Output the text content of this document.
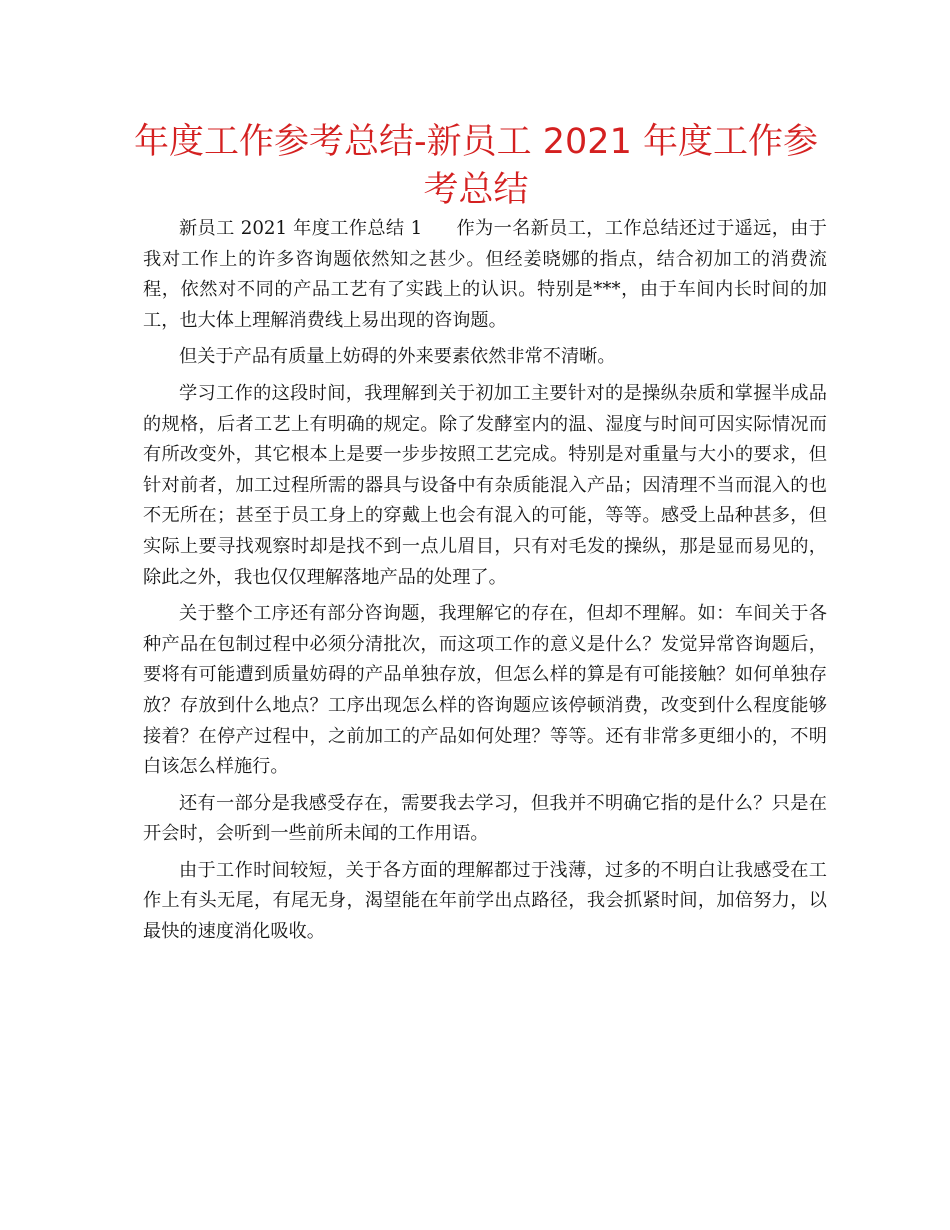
年度工作参考总结-新员工 2021 年度工作参考总结

新员工 2021 年度工作总结 1 作为一名新员工，工作总结还过于遥远，由于我对工作上的许多咨询题依然知之甚少。但经姜晓娜的指点，结合初加工的消费流程，依然对不同的产品工艺有了实践上的认识。特别是***，由于车间内长时间的加工，也大体上理解消费线上易出现的咨询题。

但关于产品有质量上妨碍的外来要素依然非常不清晰。

学习工作的这段时间，我理解到关于初加工主要针对的是操纵杂质和掌握半成品的规格，后者工艺上有明确的规定。除了发酵室内的温、湿度与时间可因实际情况而有所改变外，其它根本上是要一步步按照工艺完成。特别是对重量与大小的要求，但针对前者，加工过程所需的器具与设备中有杂质能混入产品；因清理不当而混入的也不无所在；甚至于员工身上的穿戴上也会有混入的可能，等等。感受上品种甚多，但实际上要寻找观察时却是找不到一点儿眉目，只有对毛发的操纵，那是显而易见的，除此之外，我也仅仅理解落地产品的处理了。

关于整个工序还有部分咨询题，我理解它的存在，但却不理解。如：车间关于各种产品在包制过程中必须分清批次，而这项工作的意义是什么？发觉异常咨询题后，要将有可能遭到质量妨碍的产品单独存放，但怎么样的算是有可能接触？如何单独存放？存放到什么地点？工序出现怎么样的咨询题应该停顿消费，改变到什么程度能够接着？在停产过程中，之前加工的产品如何处理？等等。还有非常多更细小的，不明白该怎么样施行。

还有一部分是我感受存在，需要我去学习，但我并不明确它指的是什么？只是在开会时，会听到一些前所未闻的工作用语。

由于工作时间较短，关于各方面的理解都过于浅薄，过多的不明白让我感受在工作上有头无尾，有尾无身，渴望能在年前学出点路径，我会抓紧时间，加倍努力，以最快的速度消化吸收。
